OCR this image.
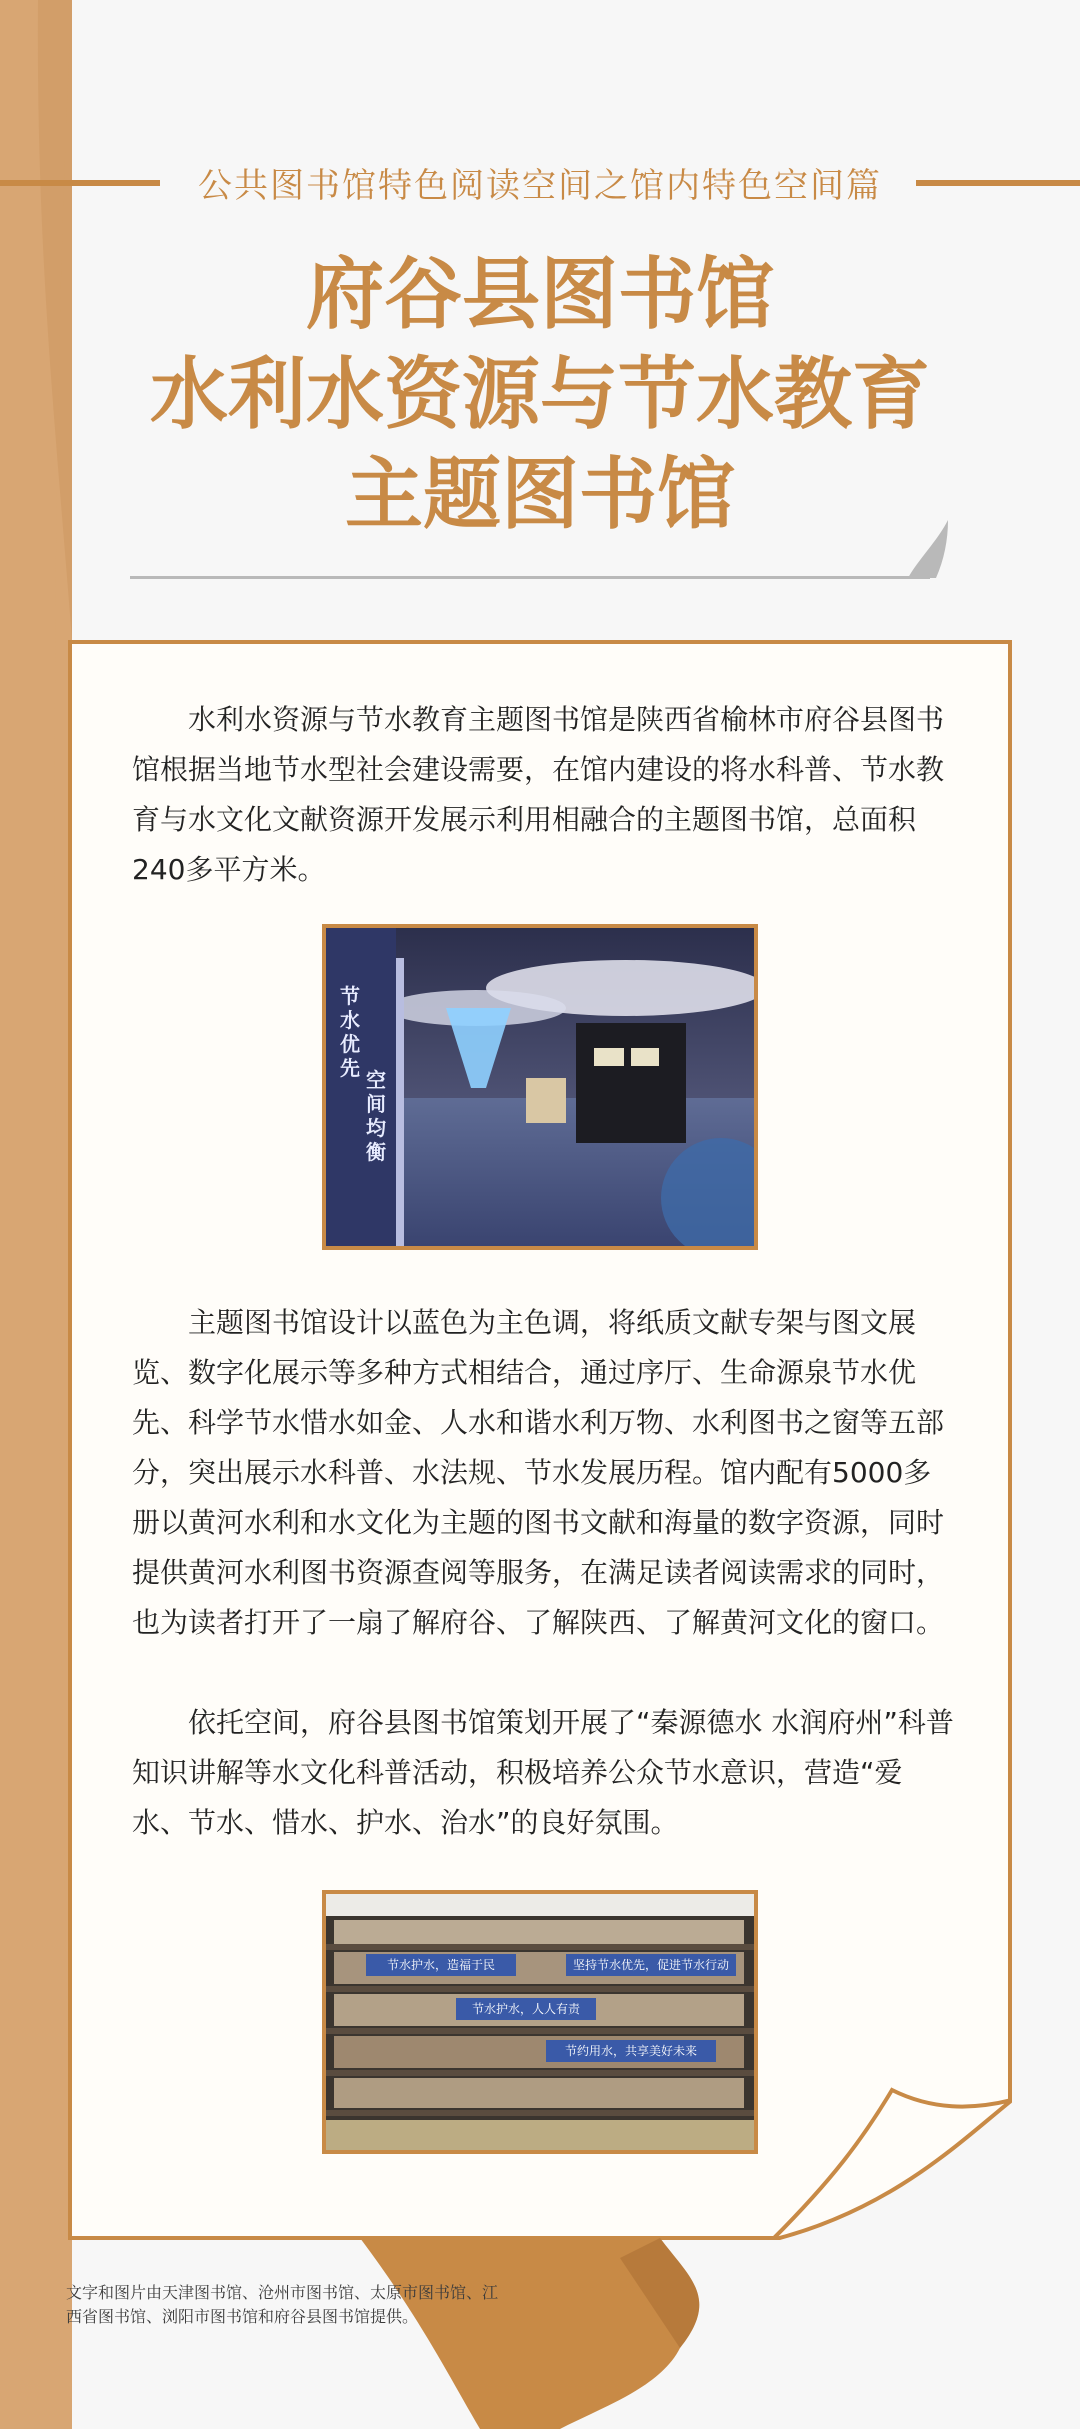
公共图书馆特色阅读空间之馆内特色空间篇
府谷县图书馆
水利水资源与节水教育
主题图书馆
水利水资源与节水教育主题图书馆是陕西省榆林市府谷县图书馆根据当地节水型社会建设需要，在馆内建设的将水科普、节水教育与水文化文献资源开发展示利用相融合的主题图书馆，总面积240多平方米。
节水优先 空间均衡
主题图书馆设计以蓝色为主色调，将纸质文献专架与图文展览、数字化展示等多种方式相结合，通过序厅、生命源泉节水优先、科学节水惜水如金、人水和谐水利万物、水利图书之窗等五部分，突出展示水科普、水法规、节水发展历程。馆内配有5000多册以黄河水利和水文化为主题的图书文献和海量的数字资源，同时提供黄河水利图书资源查阅等服务，在满足读者阅读需求的同时，也为读者打开了一扇了解府谷、了解陕西、了解黄河文化的窗口。
依托空间，府谷县图书馆策划开展了“秦源德水 水润府州”科普知识讲解等水文化科普活动，积极培养公众节水意识，营造“爱水、节水、惜水、护水、治水”的良好氛围。
节水护水，造福于民	坚持节水优先，促进节水行动
节水护水，人人有责
节约用水，共享美好未来
文字和图片由天津图书馆、沧州市图书馆、太原市图书馆、江西省图书馆、浏阳市图书馆和府谷县图书馆提供。
